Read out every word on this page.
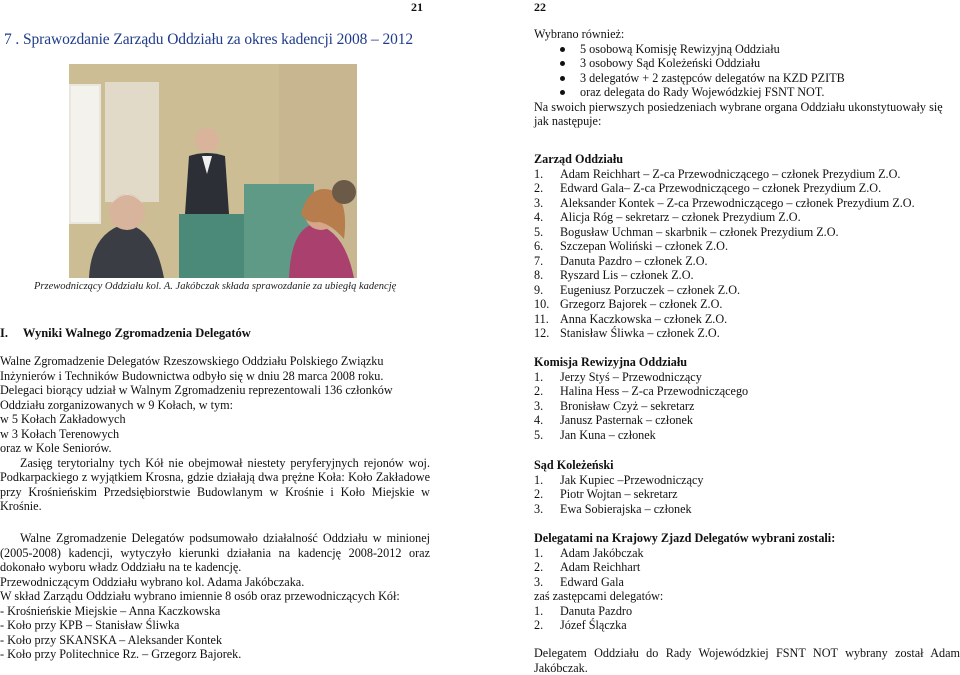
21	22
7 . Sprawozdanie Zarządu Oddziału za okres kadencji 2008 – 2012
Przewodniczący Oddziału kol. A. Jakóbczak składa sprawozdanie za ubiegłą kadencję
I. Wyniki Walnego Zgromadzenia Delegatów
Walne Zgromadzenie Delegatów Rzeszowskiego Oddziału Polskiego Związku
Inżynierów i Techników Budownictwa odbyło się w dniu 28 marca 2008 roku.
Delegaci biorący udział w Walnym Zgromadzeniu reprezentowali 136 członków
Oddziału zorganizowanych w 9 Kołach, w tym:
w 5 Kołach Zakładowych
w 3 Kołach Terenowych
oraz w Kole Seniorów.

Zasięg terytorialny tych Kół nie obejmował niestety peryferyjnych rejonów woj. Podkarpackiego z wyjątkiem Krosna, gdzie działają dwa prężne Koła: Koło Zakładowe przy Krośnieńskim Przedsiębiorstwie Budowlanym w Krośnie i Koło Miejskie w Krośnie.

Walne Zgromadzenie Delegatów podsumowało działalność Oddziału w minionej (2005-2008) kadencji, wytyczyło kierunki działania na kadencję 2008-2012 oraz dokonało wyboru władz Oddziału na te kadencję.

Przewodniczącym Oddziału wybrano kol. Adama Jakóbczaka.
W skład Zarządu Oddziału wybrano imiennie 8 osób oraz przewodniczących Kół:
- Krośnieńskie Miejskie – Anna Kaczkowska
- Koło przy KPB – Stanisław Śliwka
- Koło przy SKANSKA – Aleksander Kontek
- Koło przy Politechnice Rz. – Grzegorz Bajorek.
Wybrano również:
5 osobową Komisję Rewizyjną Oddziału
3 osobowy Sąd Koleżeński Oddziału
3 delegatów + 2 zastępców delegatów na KZD PZITB
oraz delegata do Rady Wojewódzkiej FSNT NOT.
Na swoich pierwszych posiedzeniach wybrane organa Oddziału ukonstytuowały się jak następuje:
Zarząd Oddziału
1. Adam Reichhart – Z-ca Przewodniczącego – członek Prezydium Z.O.
2. Edward Gala– Z-ca Przewodniczącego – członek Prezydium Z.O.
3. Aleksander Kontek – Z-ca Przewodniczącego – członek Prezydium Z.O.
4. Alicja Róg – sekretarz – członek Prezydium Z.O.
5. Bogusław Uchman – skarbnik – członek Prezydium Z.O.
6. Szczepan Woliński – członek Z.O.
7. Danuta Pazdro – członek Z.O.
8. Ryszard Lis – członek Z.O.
9. Eugeniusz Porzuczek – członek Z.O.
10. Grzegorz Bajorek – członek Z.O.
11. Anna Kaczkowska – członek Z.O.
12. Stanisław Śliwka – członek Z.O.
Komisja Rewizyjna Oddziału
1. Jerzy Styś – Przewodniczący
2. Halina Hess – Z-ca Przewodniczącego
3. Bronisław Czyż – sekretarz
4. Janusz Pasternak – członek
5. Jan Kuna – członek
Sąd Koleżeński
1. Jak Kupiec –Przewodniczący
2. Piotr Wojtan – sekretarz
3. Ewa Sobierajska – członek
Delegatami na Krajowy Zjazd Delegatów wybrani zostali:
1. Adam Jakóbczak
2. Adam Reichhart
3. Edward Gala
zaś zastępcami delegatów:
1. Danuta Pazdro
2. Józef Ślączka

Delegatem Oddziału do Rady Wojewódzkiej FSNT NOT wybrany został Adam Jakóbczak.
